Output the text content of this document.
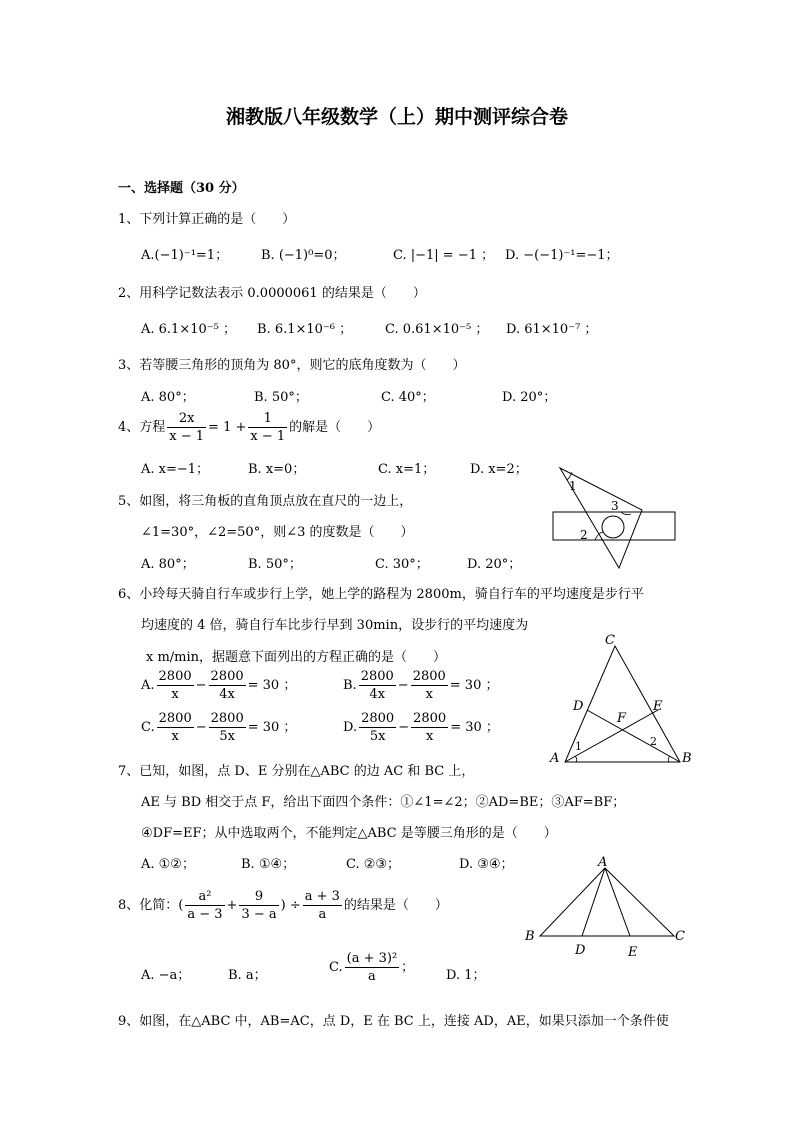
湘教版八年级数学（上）期中测评综合卷
一、选择题（30 分）
1、下列计算正确的是（　　）
A.(−1)⁻¹=1；	B. (−1)⁰=0；	C. |−1| = −1 ； D. −(−1)⁻¹=−1；
2、用科学记数法表示 0.0000061 的结果是（　　）
A. 6.1×10⁻⁵ ； B. 6.1×10⁻⁶ ；	C. 0.61×10⁻⁵ ； D. 61×10⁻⁷ ；
3、若等腰三角形的顶角为 80°，则它的底角度数为（　　）
A. 80°；	B. 50°；	C. 40°；	D. 20°；
4、方程 $\frac{2x}{x - 1} = 1 + \frac{1}{x - 1}$ 的解是（　　）
A. x=−1；	B. x=0；	C. x=1；	D. x=2；
5、如图，将三角板的直角顶点放在直尺的一边上，
∠1=30°，∠2=50°，则∠3 的度数是（　　）
A. 80°；	B. 50°；	C. 30°；	D. 20°；
1
2
3
6、小玲每天骑自行车或步行上学，她上学的路程为 2800m，骑自行车的平均速度是步行平
均速度的 4 倍，骑自行车比步行早到 30min，设步行的平均速度为
x m/min，据题意下面列出的方程正确的是（　　）
A. $\frac{2800}{x} - \frac{2800}{4x} = 30$ ；	B. $\frac{2800}{4x} - \frac{2800}{x} = 30$ ；
C. $\frac{2800}{x} - \frac{2800}{5x} = 30$ ；	D. $\frac{2800}{5x} - \frac{2800}{x} = 30$ ；
C
D	E
F
A	B
1	2
7、已知，如图，点 D、E 分别在△ABC 的边 AC 和 BC 上，
AE 与 BD 相交于点 F，给出下面四个条件：①∠1=∠2；②AD=BE；③AF=BF；
④DF=EF；从中选取两个，不能判定△ABC 是等腰三角形的是（　　）
A. ①②；	B. ①④；	C. ②③；	D. ③④；
8、化简：( $\frac{\text{a²}}{a - 3} + \frac{9}{3 - a}$ ) ÷ $\frac{a + 3}{a}$ 的结果是（　　）
A. −a；	B. a；
C. $\frac{\text{(a + 3)²}}{a}$ ；
D. 1；
A
B
D	E
C
9、如图，在△ABC 中，AB=AC，点 D，E 在 BC 上，连接 AD，AE，如果只添加一个条件使
